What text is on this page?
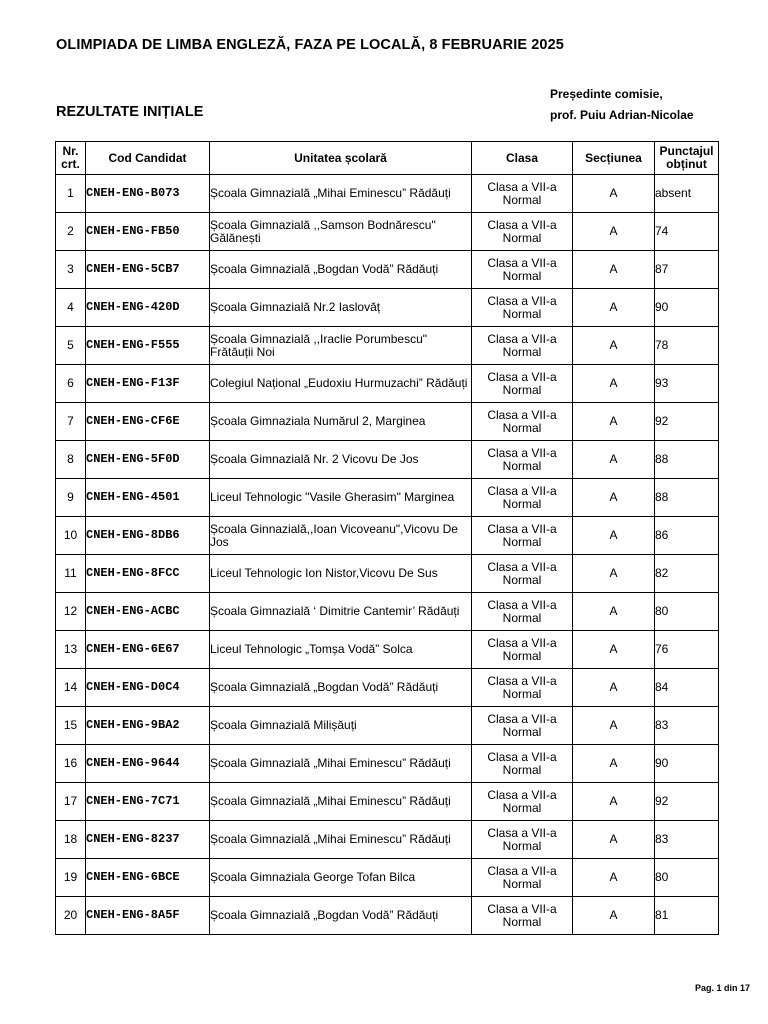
OLIMPIADA DE LIMBA ENGLEZĂ, FAZA PE LOCALĂ, 8 FEBRUARIE 2025
Președinte comisie,
prof. Puiu Adrian-Nicolae
REZULTATE INIȚIALE
Nr. crt.	Cod Candidat	Unitatea școlară	Clasa	Secțiunea	Punctajul obținut
1	CNEH-ENG-B073	Școala Gimnazială „Mihai Eminescu” Rădăuți	Clasa a VII-a Normal	A	absent
2	CNEH-ENG-FB50	Școala Gimnazială ,,Samson Bodnărescu" Gălănești	Clasa a VII-a Normal	A	74
3	CNEH-ENG-5CB7	Școala Gimnazială „Bogdan Vodă” Rădăuți	Clasa a VII-a Normal	A	87
4	CNEH-ENG-420D	Școala Gimnazială Nr.2 Iaslovăț	Clasa a VII-a Normal	A	90
5	CNEH-ENG-F555	Școala Gimnazială ,,Iraclie Porumbescu" Frătăuții Noi	Clasa a VII-a Normal	A	78
6	CNEH-ENG-F13F	Colegiul Național „Eudoxiu Hurmuzachi” Rădăuți	Clasa a VII-a Normal	A	93
7	CNEH-ENG-CF6E	Școala Gimnaziala Numărul 2, Marginea	Clasa a VII-a Normal	A	92
8	CNEH-ENG-5F0D	Școala Gimnazială Nr. 2 Vicovu De Jos	Clasa a VII-a Normal	A	88
9	CNEH-ENG-4501	Liceul Tehnologic "Vasile Gherasim" Marginea	Clasa a VII-a Normal	A	88
10	CNEH-ENG-8DB6	Școala Ginnazială,,Ioan Vicoveanu",Vicovu De Jos	Clasa a VII-a Normal	A	86
11	CNEH-ENG-8FCC	Liceul Tehnologic Ion Nistor,Vicovu De Sus	Clasa a VII-a Normal	A	82
12	CNEH-ENG-ACBC	Școala Gimnazială ‘ Dimitrie Cantemir’ Rădăuți	Clasa a VII-a Normal	A	80
13	CNEH-ENG-6E67	Liceul Tehnologic „Tomșa Vodă” Solca	Clasa a VII-a Normal	A	76
14	CNEH-ENG-D0C4	Școala Gimnazială „Bogdan Vodă” Rădăuți	Clasa a VII-a Normal	A	84
15	CNEH-ENG-9BA2	Școala Gimnazială Milișăuți	Clasa a VII-a Normal	A	83
16	CNEH-ENG-9644	Școala Gimnazială „Mihai Eminescu” Rădăuți	Clasa a VII-a Normal	A	90
17	CNEH-ENG-7C71	Școala Gimnazială „Mihai Eminescu” Rădăuți	Clasa a VII-a Normal	A	92
18	CNEH-ENG-8237	Școala Gimnazială „Mihai Eminescu” Rădăuți	Clasa a VII-a Normal	A	83
19	CNEH-ENG-6BCE	Școala Gimnaziala George Tofan Bilca	Clasa a VII-a Normal	A	80
20	CNEH-ENG-8A5F	Școala Gimnazială „Bogdan Vodă” Rădăuți	Clasa a VII-a Normal	A	81
Pag. 1 din 17
